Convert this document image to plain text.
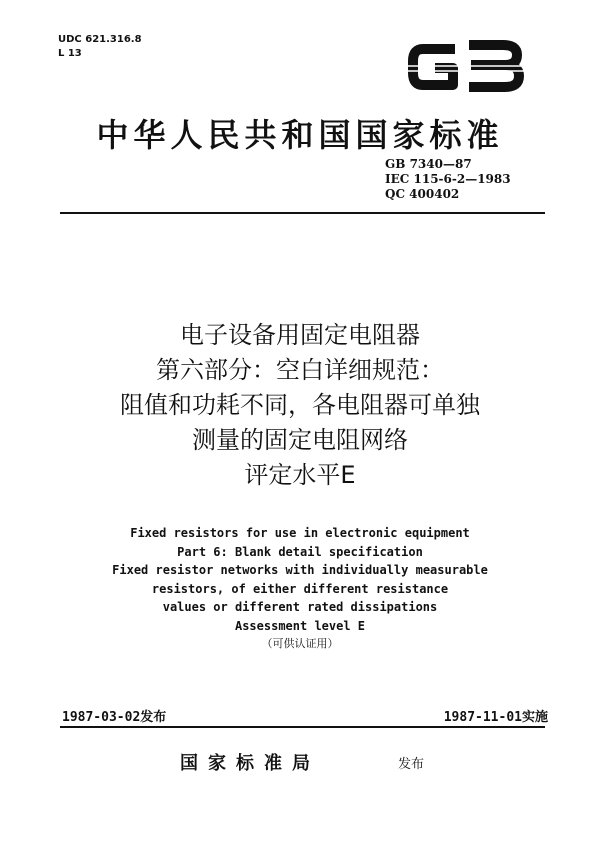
UDC 621.316.8
L 13
中华人民共和国国家标准
GB 7340—87
IEC 115-6-2—1983
QC 400402
电子设备用固定电阻器
第六部分：空白详细规范：
阻值和功耗不同，各电阻器可单独
测量的固定电阻网络
评定水平E
Fixed resistors for use in electronic equipment
Part 6: Blank detail specification
Fixed resistor networks with individually measurable
resistors, of either different resistance
values or different rated dissipations
Assessment level E
（可供认证用）
1987-03-02发布	1987-11-01实施
国家标准局	发布
